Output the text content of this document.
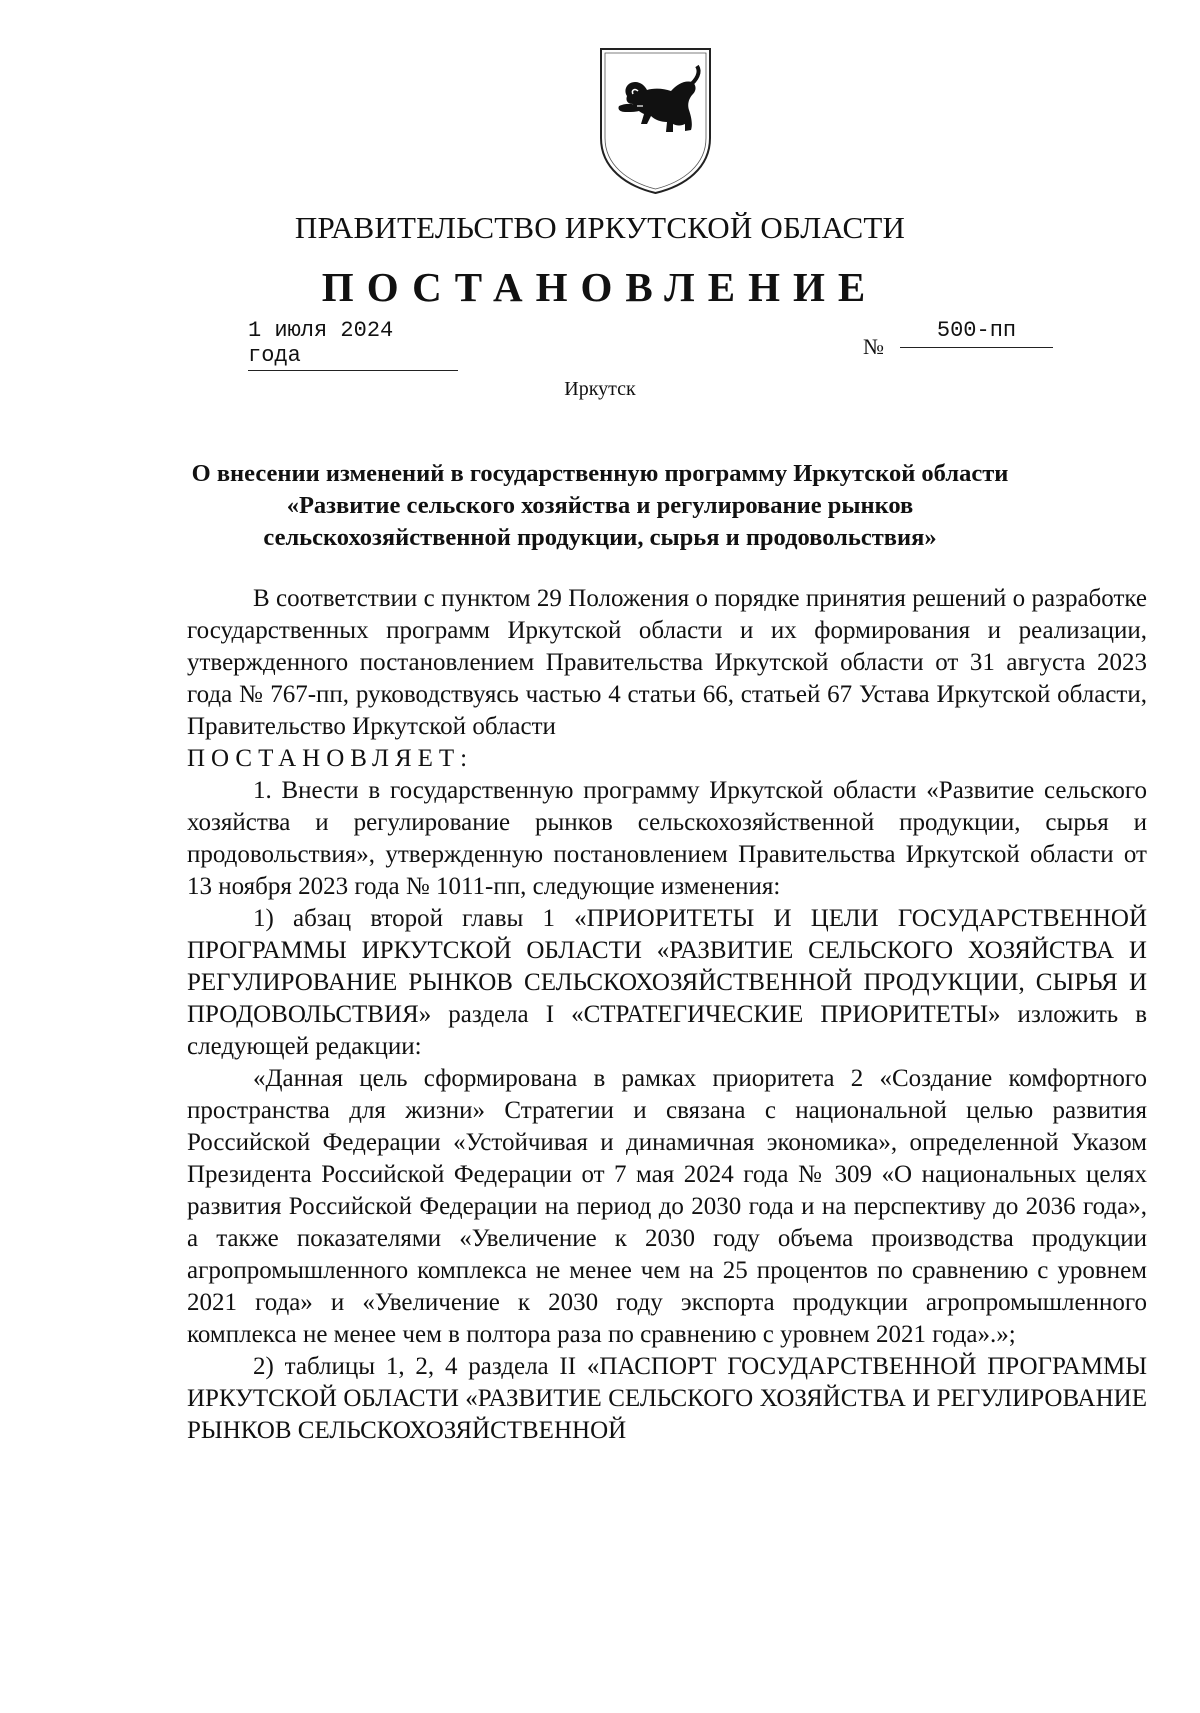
ПРАВИТЕЛЬСТВО ИРКУТСКОЙ ОБЛАСТИ
ПОСТАНОВЛЕНИЕ
1 июля 2024 года	№
500-пп
Иркутск
О внесении изменений в государственную программу Иркутской области «Развитие сельского хозяйства и регулирование рынков сельскохозяйственной продукции, сырья и продовольствия»

В соответствии с пунктом 29 Положения о порядке принятия решений о разработке государственных программ Иркутской области и их формирования и реализации, утвержденного постановлением Правительства Иркутской области от 31 августа 2023 года № 767-пп, руководствуясь частью 4 статьи 66, статьей 67 Устава Иркутской области, Правительство Иркутской области

ПОСТАНОВЛЯЕТ:

1. Внести в государственную программу Иркутской области «Развитие сельского хозяйства и регулирование рынков сельскохозяйственной продукции, сырья и продовольствия», утвержденную постановлением Правительства Иркутской области от 13 ноября 2023 года № 1011-пп, следующие изменения:

1) абзац второй главы 1 «ПРИОРИТЕТЫ И ЦЕЛИ ГОСУДАРСТВЕННОЙ ПРОГРАММЫ ИРКУТСКОЙ ОБЛАСТИ «РАЗВИТИЕ СЕЛЬСКОГО ХОЗЯЙСТВА И РЕГУЛИРОВАНИЕ РЫНКОВ СЕЛЬСКОХОЗЯЙСТВЕННОЙ ПРОДУКЦИИ, СЫРЬЯ И ПРОДОВОЛЬСТВИЯ» раздела I «СТРАТЕГИЧЕСКИЕ ПРИОРИТЕТЫ» изложить в следующей редакции:

«Данная цель сформирована в рамках приоритета 2 «Создание комфортного пространства для жизни» Стратегии и связана с национальной целью развития Российской Федерации «Устойчивая и динамичная экономика», определенной Указом Президента Российской Федерации от 7 мая 2024 года № 309 «О национальных целях развития Российской Федерации на период до 2030 года и на перспективу до 2036 года», а также показателями «Увеличение к 2030 году объема производства продукции агропромышленного комплекса не менее чем на 25 процентов по сравнению с уровнем 2021 года» и «Увеличение к 2030 году экспорта продукции агропромышленного комплекса не менее чем в полтора раза по сравнению с уровнем 2021 года».»;

2) таблицы 1, 2, 4 раздела II «ПАСПОРТ ГОСУДАРСТВЕННОЙ ПРОГРАММЫ ИРКУТСКОЙ ОБЛАСТИ «РАЗВИТИЕ СЕЛЬСКОГО ХОЗЯЙСТВА И РЕГУЛИРОВАНИЕ РЫНКОВ СЕЛЬСКОХОЗЯЙСТВЕННОЙ
